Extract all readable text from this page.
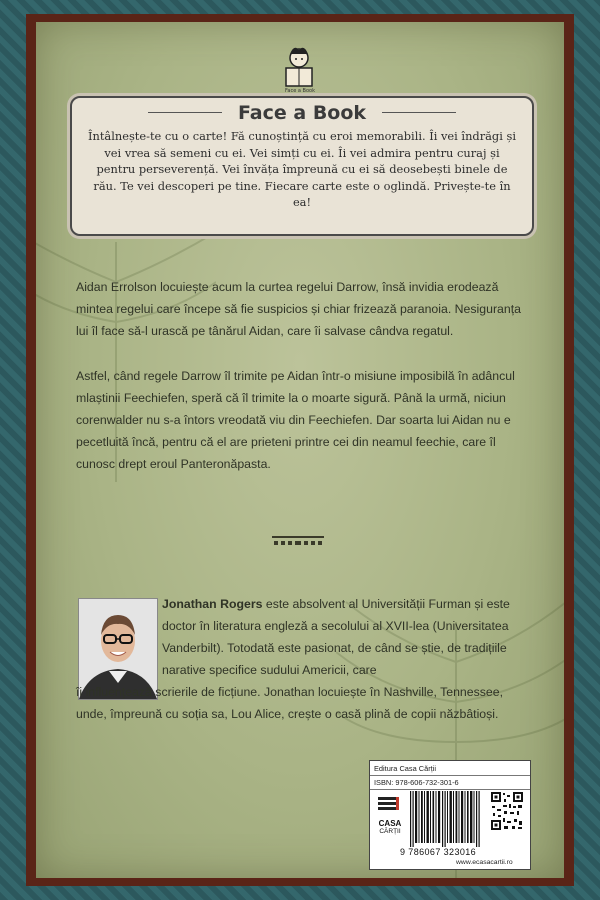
Face a Book
Face a Book
Întâlnește-te cu o carte! Fă cunoștință cu eroi memorabili. Îi vei îndrăgi și vei vrea să semeni cu ei. Vei simți cu ei. Îi vei admira pentru curaj și pentru perseverență. Vei învăța împreună cu ei să deosebești binele de rău. Te vei descoperi pe tine. Fiecare carte este o oglindă. Privește-te în ea!
Aidan Errolson locuiește acum la curtea regelui Darrow, însă invidia erodează mintea regelui care începe să fie suspicios și chiar frizează paranoia. Nesiguranța lui îl face să-l urască pe tânărul Aidan, care îi salvase cândva regatul.
Astfel, când regele Darrow îl trimite pe Aidan într-o misiune imposibilă în adâncul mlaștinii Feechiefen, speră că îl trimite la o moarte sigură. Până la urmă, niciun corenwalder nu s-a întors vreodată viu din Feechiefen. Dar soarta lui Aidan nu e pecetluită încă, pentru că el are prieteni printre cei din neamul feechie, care îl cunosc drept eroul Panteronăpasta.
Jonathan Rogers este absolvent al Universității Furman și este doctor în literatura engleză a secolului al XVII-lea (Universitatea Vanderbilt). Totodată este pasionat, de când se știe, de tradițiile narative specifice sudului Americii, care
îi influențează scrierile de ficțiune. Jonathan locuiește în Nashville, Tennessee, unde, împreună cu soția sa, Lou Alice, crește o casă plină de copii năzbâtioși.
Editura Casa Cărții
ISBN: 978-606-732-301-6
CASA
CĂRȚII
9 786067 323016
www.ecasacartii.ro
